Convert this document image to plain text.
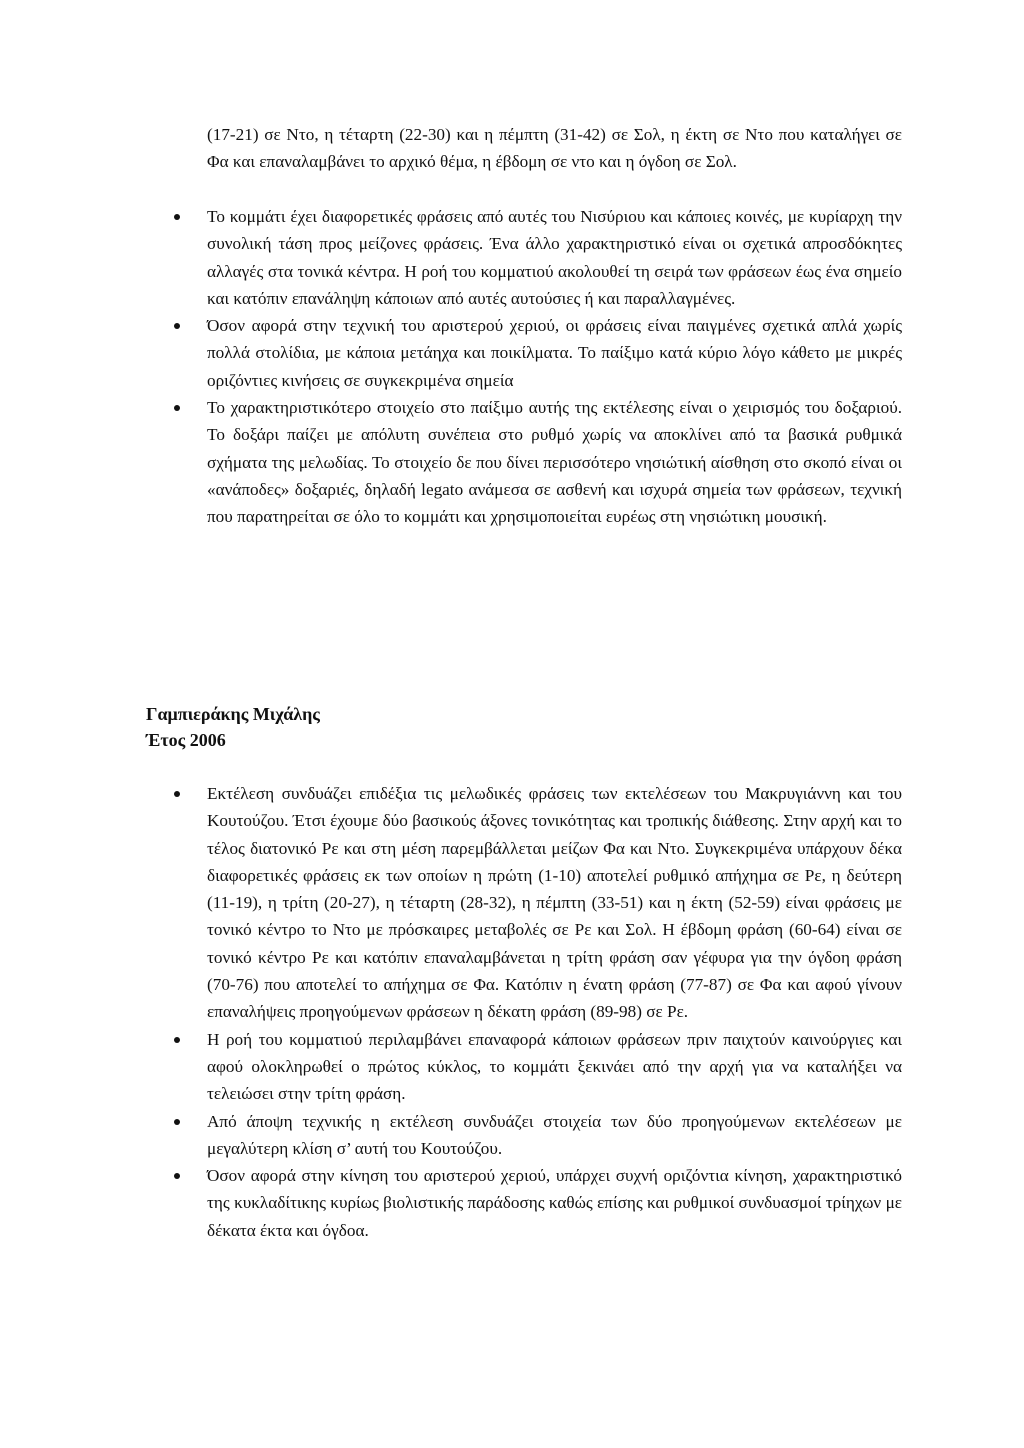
(17-21) σε Ντο, η τέταρτη (22-30) και η πέμπτη (31-42) σε Σολ, η έκτη σε Ντο που καταλήγει σε Φα και επαναλαμβάνει το αρχικό θέμα, η έβδομη σε ντο και η όγδοη σε Σολ.
Το κομμάτι έχει διαφορετικές φράσεις από αυτές του Νισύριου και κάποιες κοινές, με κυρίαρχη την συνολική τάση προς μείζονες φράσεις. Ένα άλλο χαρακτηριστικό είναι οι σχετικά απροσδόκητες αλλαγές στα τονικά κέντρα. Η ροή του κομματιού ακολουθεί τη σειρά των φράσεων έως ένα σημείο και κατόπιν επανάληψη κάποιων από αυτές αυτούσιες ή και παραλλαγμένες.
Όσον αφορά στην τεχνική του αριστερού χεριού, οι φράσεις είναι παιγμένες σχετικά απλά χωρίς πολλά στολίδια, με κάποια μετάηχα και ποικίλματα. Το παίξιμο κατά κύριο λόγο κάθετο με μικρές οριζόντιες κινήσεις σε συγκεκριμένα σημεία
Το χαρακτηριστικότερο στοιχείο στο παίξιμο αυτής της εκτέλεσης είναι ο χειρισμός του δοξαριού. Το δοξάρι παίζει με απόλυτη συνέπεια στο ρυθμό χωρίς να αποκλίνει από τα βασικά ρυθμικά σχήματα της μελωδίας. Το στοιχείο δε που δίνει περισσότερο νησιώτική αίσθηση στο σκοπό είναι οι «ανάποδες» δοξαριές, δηλαδή legato ανάμεσα σε ασθενή και ισχυρά σημεία των φράσεων, τεχνική που παρατηρείται σε όλο το κομμάτι και χρησιμοποιείται ευρέως στη νησιώτικη μουσική.
Γαμπιεράκης Μιχάλης
Έτος 2006
Εκτέλεση συνδυάζει επιδέξια τις μελωδικές φράσεις των εκτελέσεων του Μακρυγιάννη και του Κουτούζου. Έτσι έχουμε δύο βασικούς άξονες τονικότητας και τροπικής διάθεσης. Στην αρχή και το τέλος διατονικό Ρε και στη μέση παρεμβάλλεται μείζων Φα και Ντο. Συγκεκριμένα υπάρχουν δέκα διαφορετικές φράσεις εκ των οποίων η πρώτη (1-10) αποτελεί ρυθμικό απήχημα σε Ρε, η δεύτερη (11-19), η τρίτη (20-27), η τέταρτη (28-32), η πέμπτη (33-51) και η έκτη (52-59) είναι φράσεις με τονικό κέντρο το Ντο με πρόσκαιρες μεταβολές σε Ρε και Σολ. Η έβδομη φράση (60-64) είναι σε τονικό κέντρο Ρε και κατόπιν επαναλαμβάνεται η τρίτη φράση σαν γέφυρα για την όγδοη φράση (70-76) που αποτελεί το απήχημα σε Φα. Κατόπιν η ένατη φράση (77-87) σε Φα και αφού γίνουν επαναλήψεις προηγούμενων φράσεων η δέκατη φράση (89-98) σε Ρε.
Η ροή του κομματιού περιλαμβάνει επαναφορά κάποιων φράσεων πριν παιχτούν καινούργιες και αφού ολοκληρωθεί ο πρώτος κύκλος, το κομμάτι ξεκινάει από την αρχή για να καταλήξει να τελειώσει στην τρίτη φράση.
Από άποψη τεχνικής η εκτέλεση συνδυάζει στοιχεία των δύο προηγούμενων εκτελέσεων με μεγαλύτερη κλίση σ’ αυτή του Κουτούζου.
Όσον αφορά στην κίνηση του αριστερού χεριού, υπάρχει συχνή οριζόντια κίνηση, χαρακτηριστικό της κυκλαδίτικης κυρίως βιολιστικής παράδοσης καθώς επίσης και ρυθμικοί συνδυασμοί τρίηχων με δέκατα έκτα και όγδοα.
